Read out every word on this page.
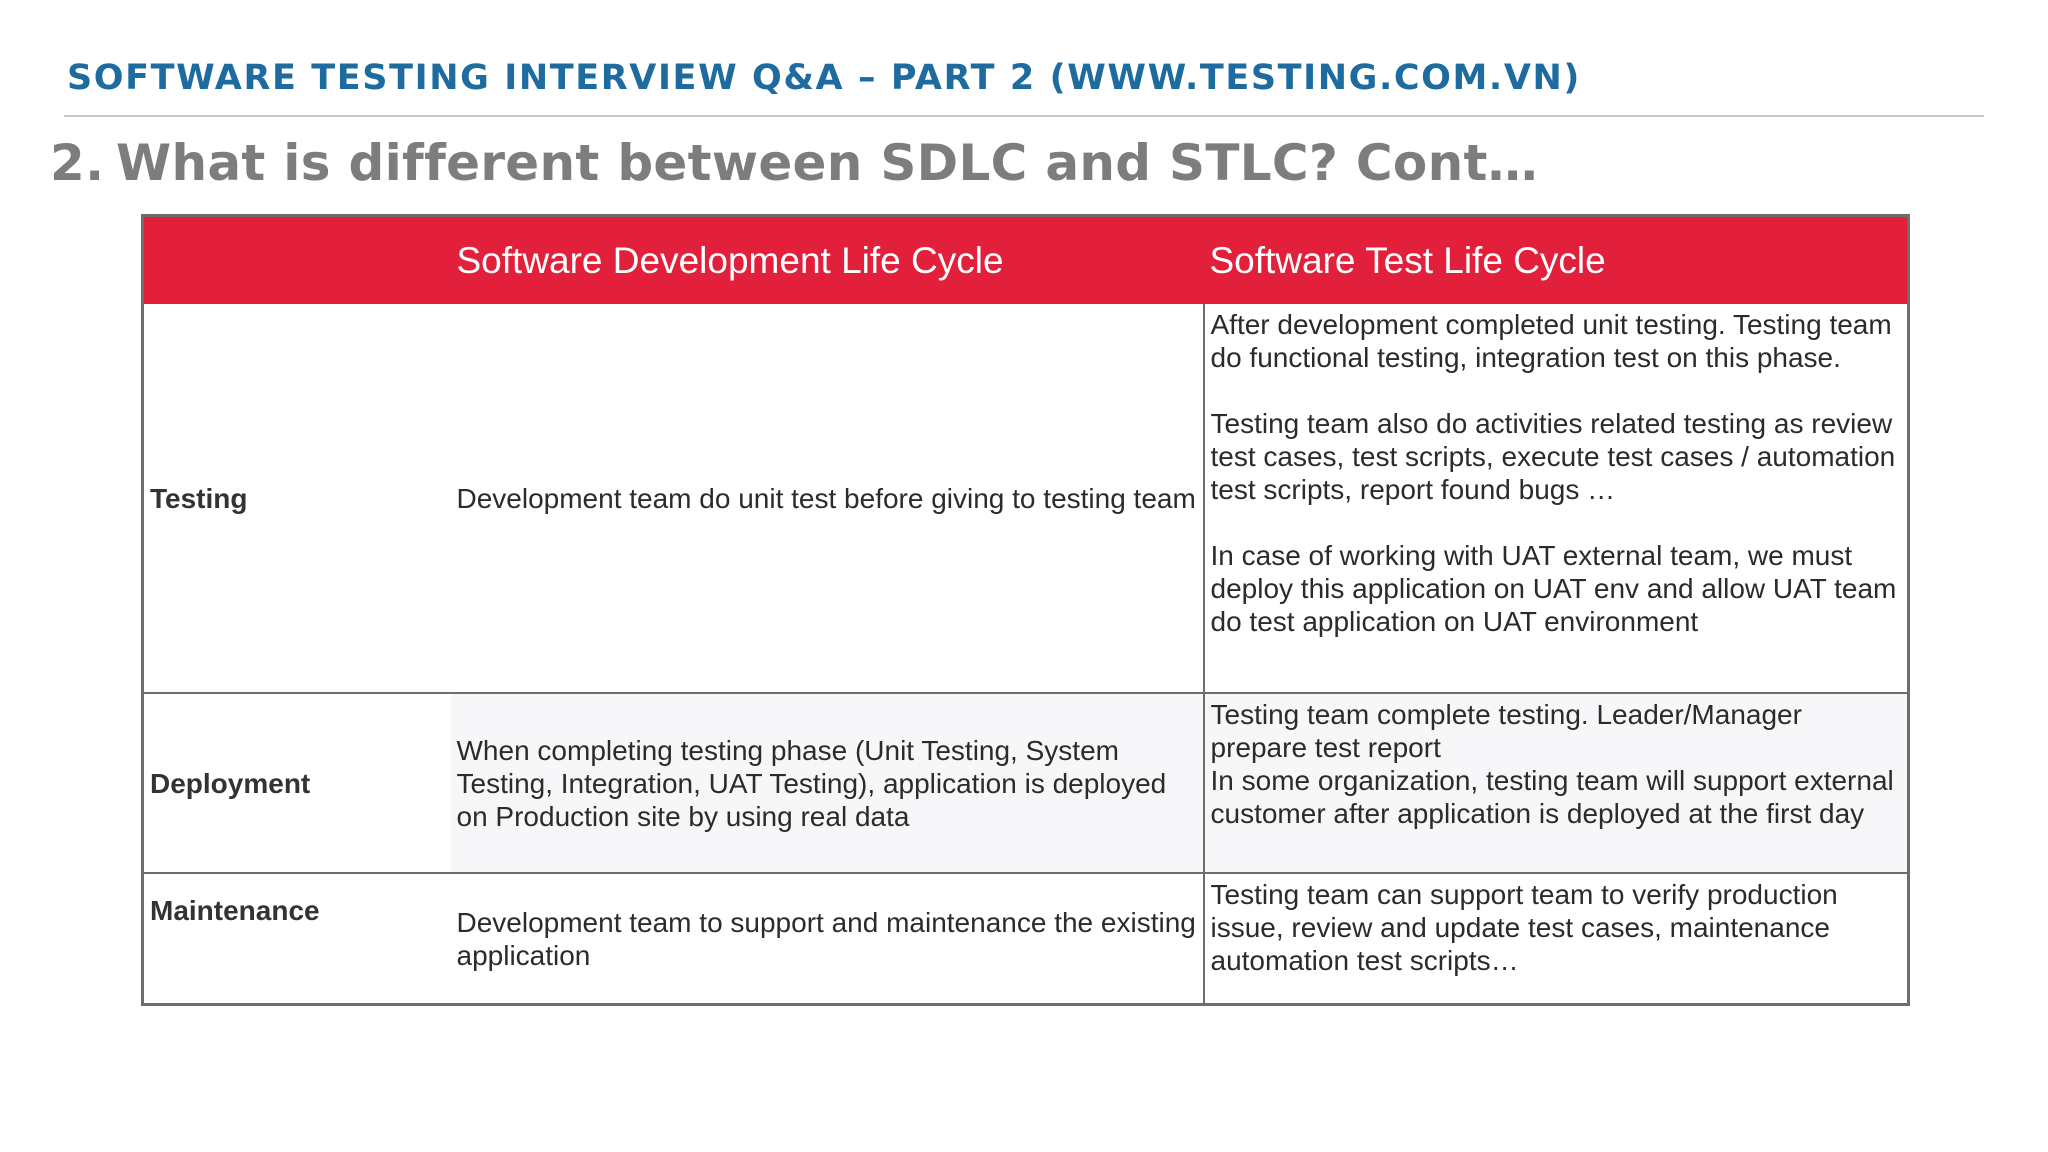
SOFTWARE TESTING INTERVIEW Q&A – PART 2 (WWW.TESTING.COM.VN)
2. What is different between SDLC and STLC? Cont…
	Software Development Life Cycle	Software Test Life Cycle
Testing	Development team do unit test before giving to testing team	After development completed unit testing. Testing team do functional testing, integration test on this phase.
Testing team also do activities related testing as review test cases, test scripts, execute test cases / automation test scripts, report found bugs …
In case of working with UAT external team, we must deploy this application on UAT env and allow UAT team do test application on UAT environment

Deployment	When completing testing phase (Unit Testing, System Testing, Integration, UAT Testing), application is deployed on Production site by using real data	Testing team complete testing. Leader/Manager prepare test report
In some organization, testing team will support external customer after application is deployed at the first day

Maintenance	Development team to support and maintenance the existing application	Testing team can support team to verify production issue, review and update test cases, maintenance automation test scripts…
